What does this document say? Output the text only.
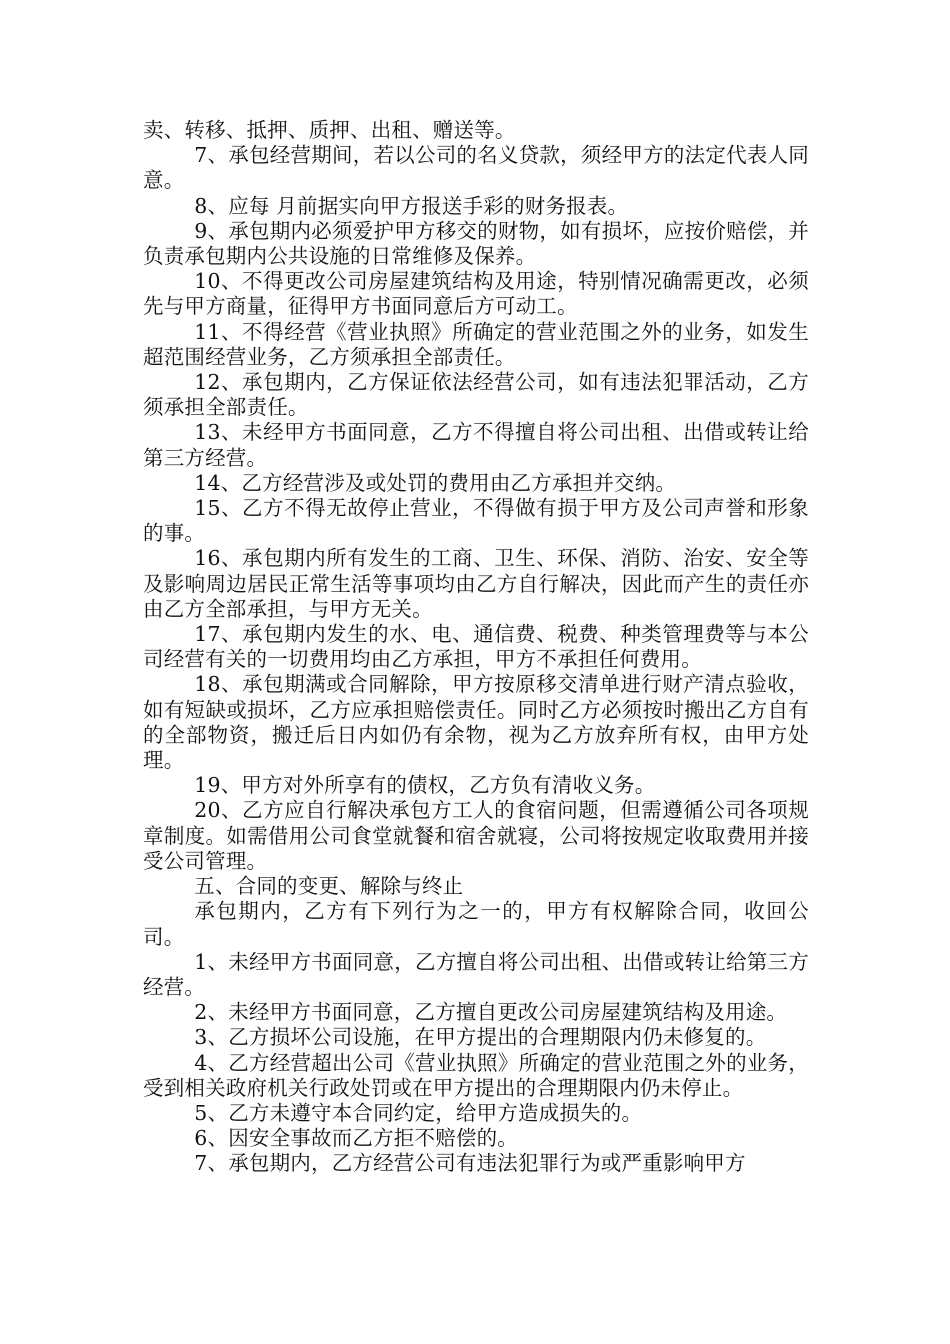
卖、转移、抵押、质押、出租、赠送等。

7、承包经营期间，若以公司的名义贷款，须经甲方的法定代表人同意。

8、应每 月前据实向甲方报送手彩的财务报表。

9、承包期内必须爱护甲方移交的财物，如有损坏，应按价赔偿，并负责承包期内公共设施的日常维修及保养。

10、不得更改公司房屋建筑结构及用途，特别情况确需更改，必须先与甲方商量，征得甲方书面同意后方可动工。

11、不得经营《营业执照》所确定的营业范围之外的业务，如发生超范围经营业务，乙方须承担全部责任。

12、承包期内，乙方保证依法经营公司，如有违法犯罪活动，乙方须承担全部责任。

13、未经甲方书面同意，乙方不得擅自将公司出租、出借或转让给第三方经营。

14、乙方经营涉及或处罚的费用由乙方承担并交纳。

15、乙方不得无故停止营业，不得做有损于甲方及公司声誉和形象的事。

16、承包期内所有发生的工商、卫生、环保、消防、治安、安全等及影响周边居民正常生活等事项均由乙方自行解决，因此而产生的责任亦由乙方全部承担，与甲方无关。

17、承包期内发生的水、电、通信费、税费、种类管理费等与本公司经营有关的一切费用均由乙方承担，甲方不承担任何费用。

18、承包期满或合同解除，甲方按原移交清单进行财产清点验收，如有短缺或损坏，乙方应承担赔偿责任。同时乙方必须按时搬出乙方自有的全部物资，搬迁后日内如仍有余物，视为乙方放弃所有权，由甲方处理。

19、甲方对外所享有的债权，乙方负有清收义务。

20、乙方应自行解决承包方工人的食宿问题，但需遵循公司各项规章制度。如需借用公司食堂就餐和宿舍就寝，公司将按规定收取费用并接受公司管理。

五、合同的变更、解除与终止

承包期内，乙方有下列行为之一的，甲方有权解除合同，收回公司。

1、未经甲方书面同意，乙方擅自将公司出租、出借或转让给第三方经营。

2、未经甲方书面同意，乙方擅自更改公司房屋建筑结构及用途。

3、乙方损坏公司设施，在甲方提出的合理期限内仍未修复的。

4、乙方经营超出公司《营业执照》所确定的营业范围之外的业务，受到相关政府机关行政处罚或在甲方提出的合理期限内仍未停止。

5、乙方未遵守本合同约定，给甲方造成损失的。

6、因安全事故而乙方拒不赔偿的。

7、承包期内，乙方经营公司有违法犯罪行为或严重影响甲方
